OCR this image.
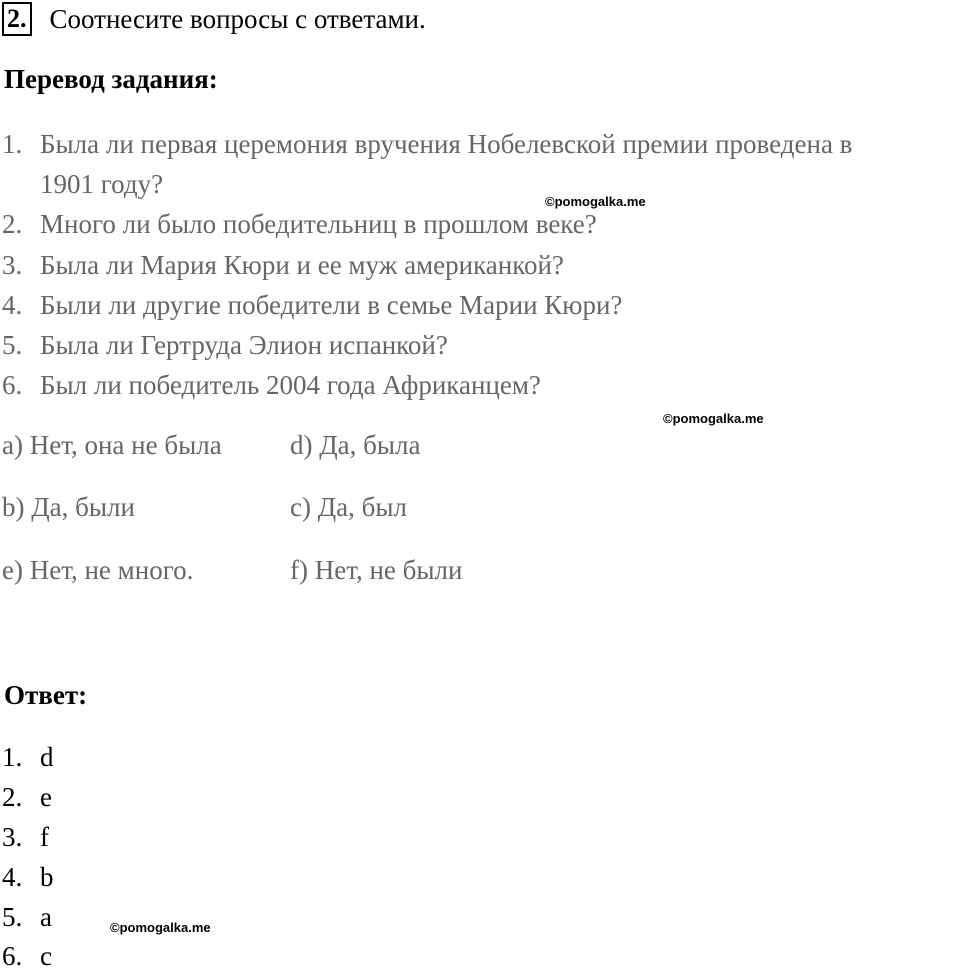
2. Соотнесите вопросы с ответами.
Перевод задания:
1. Была ли первая церемония вручения Нобелевской премии проведена в
1901 году?
2. Много ли было победительниц в прошлом веке?
3. Была ли Мария Кюри и ее муж американкой?
4. Были ли другие победители в семье Марии Кюри?
5. Была ли Гертруда Элион испанкой?
6. Был ли победитель 2004 года Африканцем?
a) Нет, она не была	d) Да, была
b) Да, были	c) Да, был
e) Нет, не много.	f) Нет, не были
Ответ:
1. d
2. e
3. f
4. b
5. a
6. c
©pomogalka.me
©pomogalka.me
©pomogalka.me
